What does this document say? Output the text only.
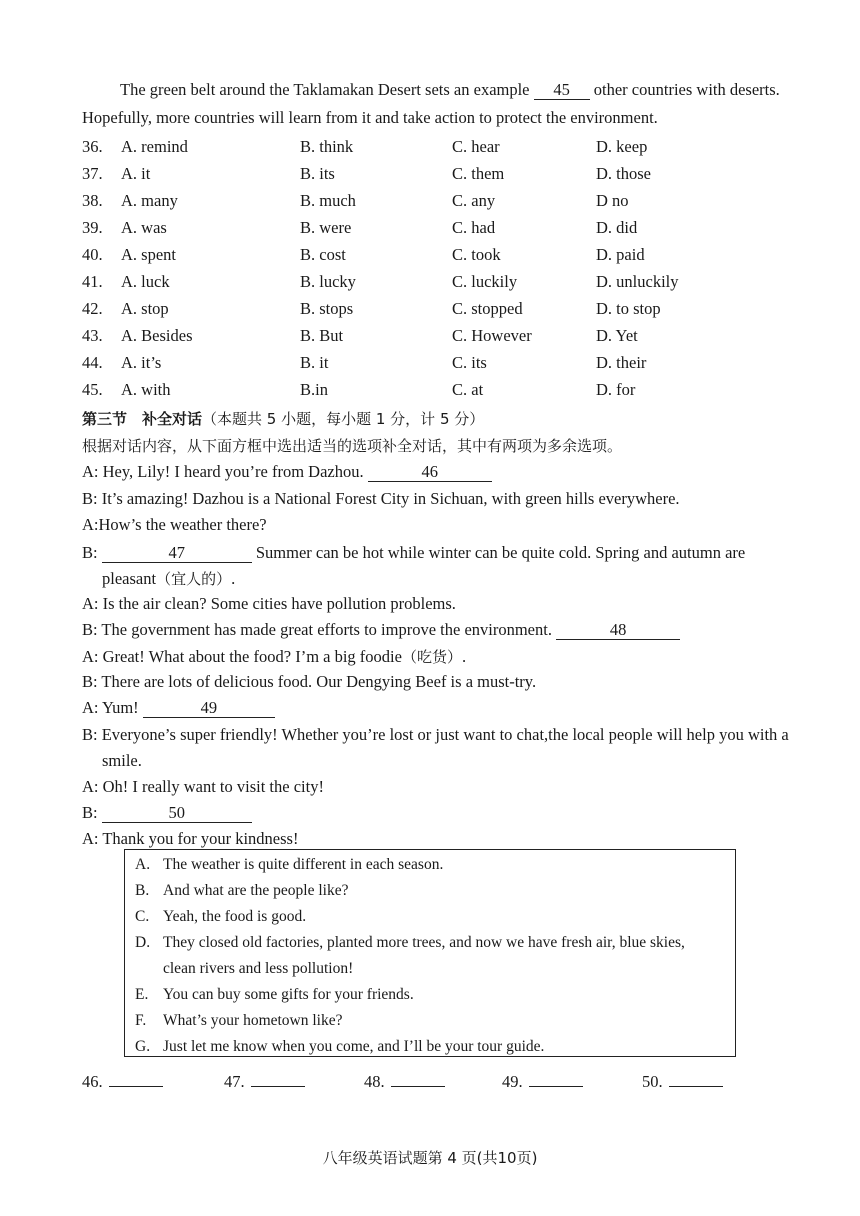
The green belt around the Taklamakan Desert sets an example 45 other countries with deserts. Hopefully, more countries will learn from it and take action to protect the environment.
36. A. remind	B. think	C. hear	D. keep
37. A. it	B. its	C. them	D. those
38. A. many	B. much	C. any	D no
39. A. was	B. were	C. had	D. did
40. A. spent	B. cost	C. took	D. paid
41. A. luck	B. lucky	C. luckily	D. unluckily
42. A. stop	B. stops	C. stopped	D. to stop
43. A. Besides	B. But	C. However	D. Yet
44. A. it’s	B. it	C. its	D. their
45. A. with	B.in	C. at	D. for
第三节　补全对话（本题共 5 小题，每小题 1 分，计 5 分）
根据对话内容，从下面方框中选出适当的选项补全对话，其中有两项为多余选项。
A: Hey, Lily! I heard you’re from Dazhou.	46
B: It’s amazing! Dazhou is a National Forest City in Sichuan, with green hills everywhere.
A:How’s the weather there?
B:	47	Summer can be hot while winter can be quite cold. Spring and autumn are pleasant（宜人的）.
A: Is the air clean? Some cities have pollution problems.
B: The government has made great efforts to improve the environment.	48
A: Great! What about the food? I’m a big foodie（吃货）.
B: There are lots of delicious food. Our Dengying Beef is a must-try.
A: Yum!	49
B: Everyone’s super friendly! Whether you’re lost or just want to chat,the local people will help you with a smile.
A: Oh! I really want to visit the city!
B:	50
A: Thank you for your kindness!
A. The weather is quite different in each season.
B. And what are the people like?
C. Yeah, the food is good.
D. They closed old factories, planted more trees, and now we have fresh air, blue skies, clean rivers and less pollution!
E. You can buy some gifts for your friends.
F. What’s your hometown like?
G. Just let me know when you come, and I’ll be your tour guide.
46.	47.	48.	49.	50.
八年级英语试题第 4 页(共10页)
